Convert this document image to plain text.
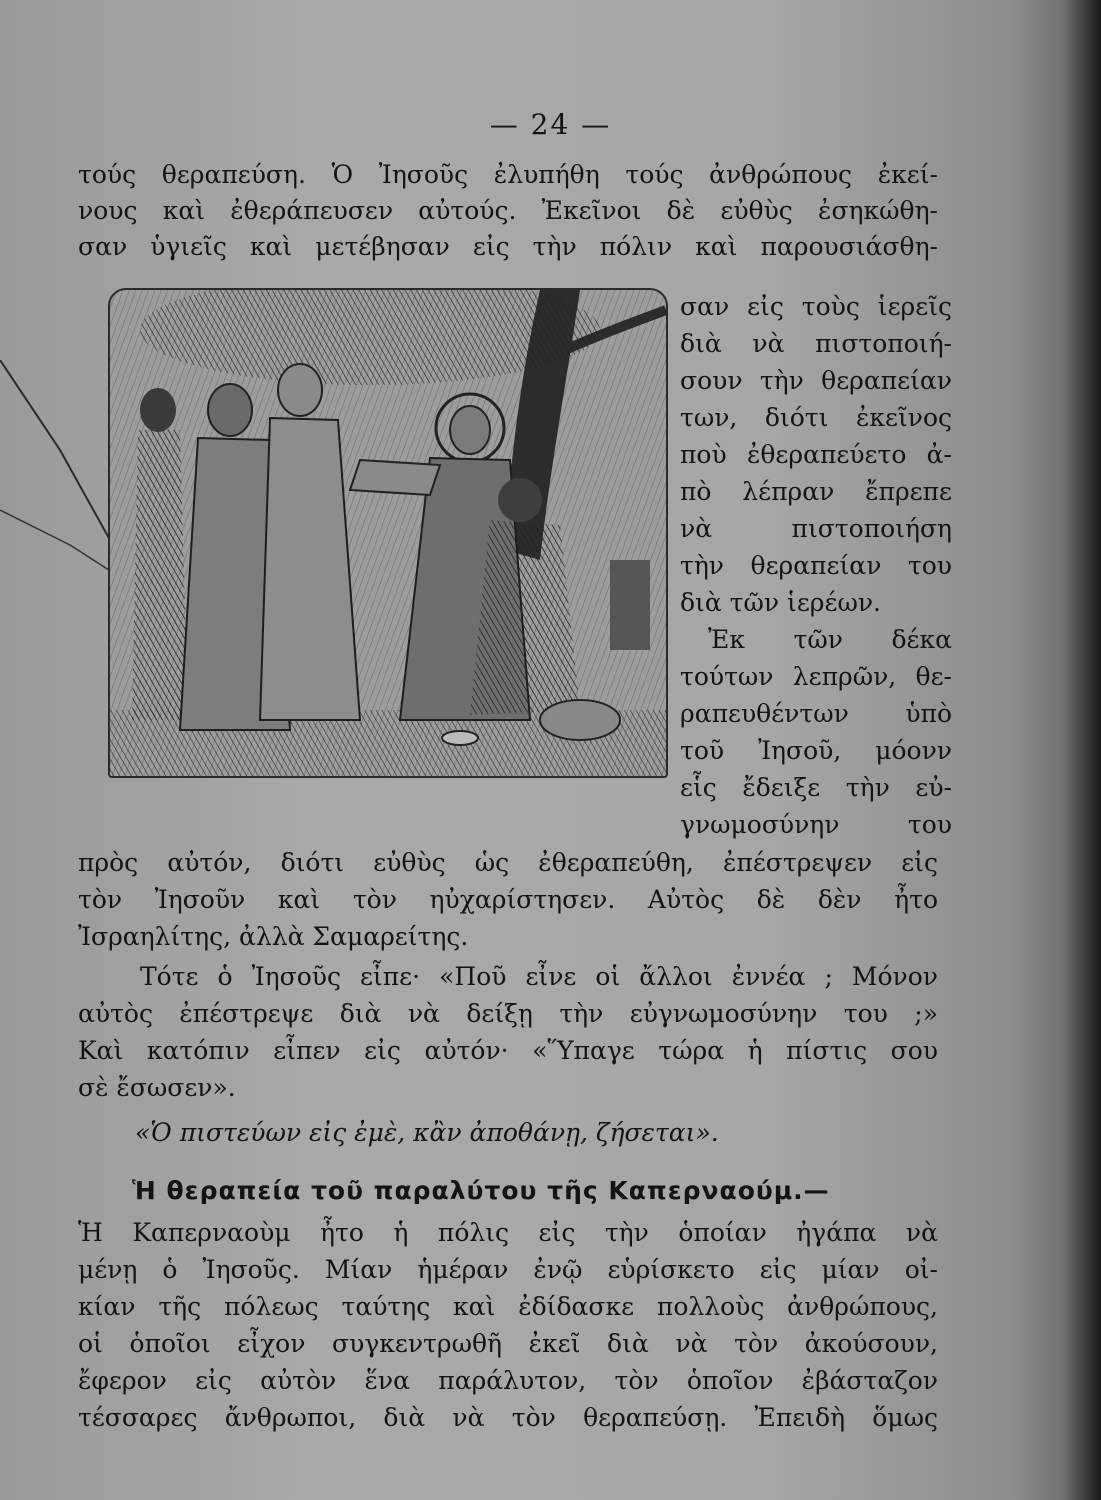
— 24 —
τούς θεραπεύση. Ὁ Ἰησοῦς ἐλυπήθη τούς ἀνθρώπους ἐκεί-
νους καὶ ἐθεράπευσεν αὐτούς. Ἐκεῖνοι δὲ εὐθὺς ἐσηκώθη-
σαν ὑγιεῖς καὶ μετέβησαν εἰς τὴν πόλιν καὶ παρουσιάσθη-
σαν εἰς τοὺς ἱερεῖς
διὰ νὰ πιστοποιή-
σουν τὴν θεραπείαν
των, διότι ἐκεῖνος
ποὺ ἐθεραπεύετο ἀ-
πὸ λέπραν ἔπρεπε
νὰ πιστοποιήση
τὴν θεραπείαν του
διὰ τῶν ἱερέων.
Ἐκ τῶν δέκα
τούτων λεπρῶν, θε-
ραπευθέντων ὑπὸ
τοῦ Ἰησοῦ, μόονν
εἷς ἔδειξε τὴν εὐ-
γνωμοσύνην του
πρὸς αὐτόν, διότι εὐθὺς ὡς ἐθεραπεύθη, ἐπέστρεψεν εἰς
τὸν Ἰησοῦν καὶ τὸν ηὐχαρίστησεν. Αὐτὸς δὲ δὲν ἦτο
Ἰσραηλίτης, ἀλλὰ Σαμαρείτης.
Τότε ὁ Ἰησοῦς εἶπε· «Ποῦ εἶνε οἱ ἄλλοι ἐννέα ; Μόνον
αὐτὸς ἐπέστρεψε διὰ νὰ δείξῃ τὴν εὐγνωμοσύνην του ;»
Καὶ κατόπιν εἶπεν εἰς αὐτόν· «Ὕπαγε τώρα ἡ πίστις σου
σὲ ἔσωσεν».
«Ὁ πιστεύων εἰς ἐμὲ, κἂν ἀποθάνῃ, ζήσεται».
Ἡ θεραπεία τοῦ παραλύτου τῆς Καπερναούμ.—
Ἡ Καπερναοὺμ ἦτο ἡ πόλις εἰς τὴν ὁποίαν ἠγάπα νὰ
μένῃ ὁ Ἰησοῦς. Μίαν ἡμέραν ἐνῷ εὑρίσκετο εἰς μίαν οἰ-
κίαν τῆς πόλεως ταύτης καὶ ἐδίδασκε πολλοὺς ἀνθρώπους,
οἱ ὁποῖοι εἶχον συγκεντρωθῆ ἐκεῖ διὰ νὰ τὸν ἀκούσουν,
ἔφερον εἰς αὐτὸν ἕνα παράλυτον, τὸν ὁποῖον ἐβάσταζον
τέσσαρες ἄνθρωποι, διὰ νὰ τὸν θεραπεύσῃ. Ἐπειδὴ ὅμως
